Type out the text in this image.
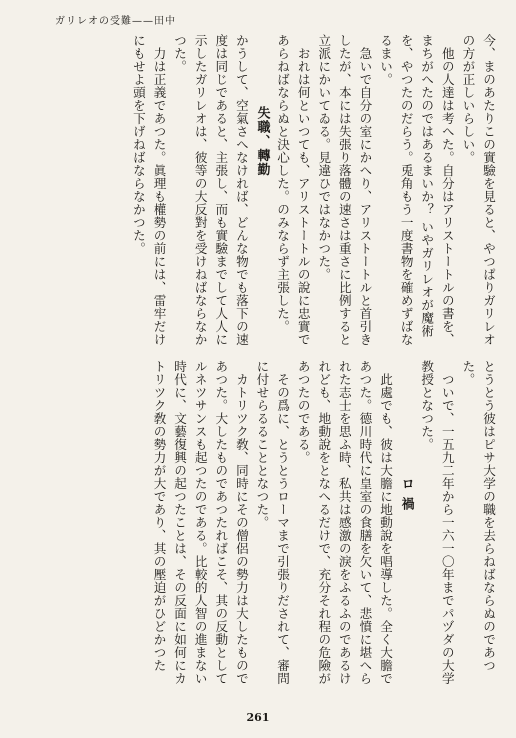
ガリレオの受難——田中

今、まのあたりこの實驗を見ると、やつぱりガリレオの方が正しいらしい。

他の人達は考へた。自分はアリストートルの書を、まちがへたのではあるまいか？ いやガリレオが魔術を、やつたのだらう。兎角もう一度書物を確めずばなるまい。

急いで自分の室にかへり、アリストートルと首引きしたが、本には失張り落體の速さは重さに比例すると立派にかいてゐる。見違ひではなかつた。

おれは何といつても、アリストートルの說に忠實であらねばならぬと決心した。のみならず主張した。

失職、轉勤

かうして、空氣さへなければ、どんな物でも落下の速度は同じであると、主張し、而も實驗までして人人に示したガリレオは、彼等の大反對を受けねばならなかつた。

力は正義であつた。眞理も權勢の前には、雷牢だけにもせよ頭を下げねばならなかつた。

とうとう彼はピサ大学の職を去らねばならぬのであつた。

ついで、一五九二年から一六一〇年までパヅダの大学教授となつた。

ロ 禍

此處でも、彼は大膽に地動說を唱導した。全く大膽であつた。德川時代に皇室の食膳を欠いて、悲憤に堪へられた志士を思ふ時、私共は感激の淚をふるふのであるけれども、地動說をとなへるだけで、充分それ程の危險があつたのである。

その爲に、とうとうローマまで引張りだされて、審問に付せらるることとなつた。

カトリツク敎、同時にその僧侶の勢力は大したものであつた。大したものであつたればこそ、其の反動としてルネツサンスも起つたのである。比較的人智の進まない時代に、文藝復興の起つたことは、その反面に如何にカトリツク敎の勢力が大であり、其の壓迫がひどかつた

261
